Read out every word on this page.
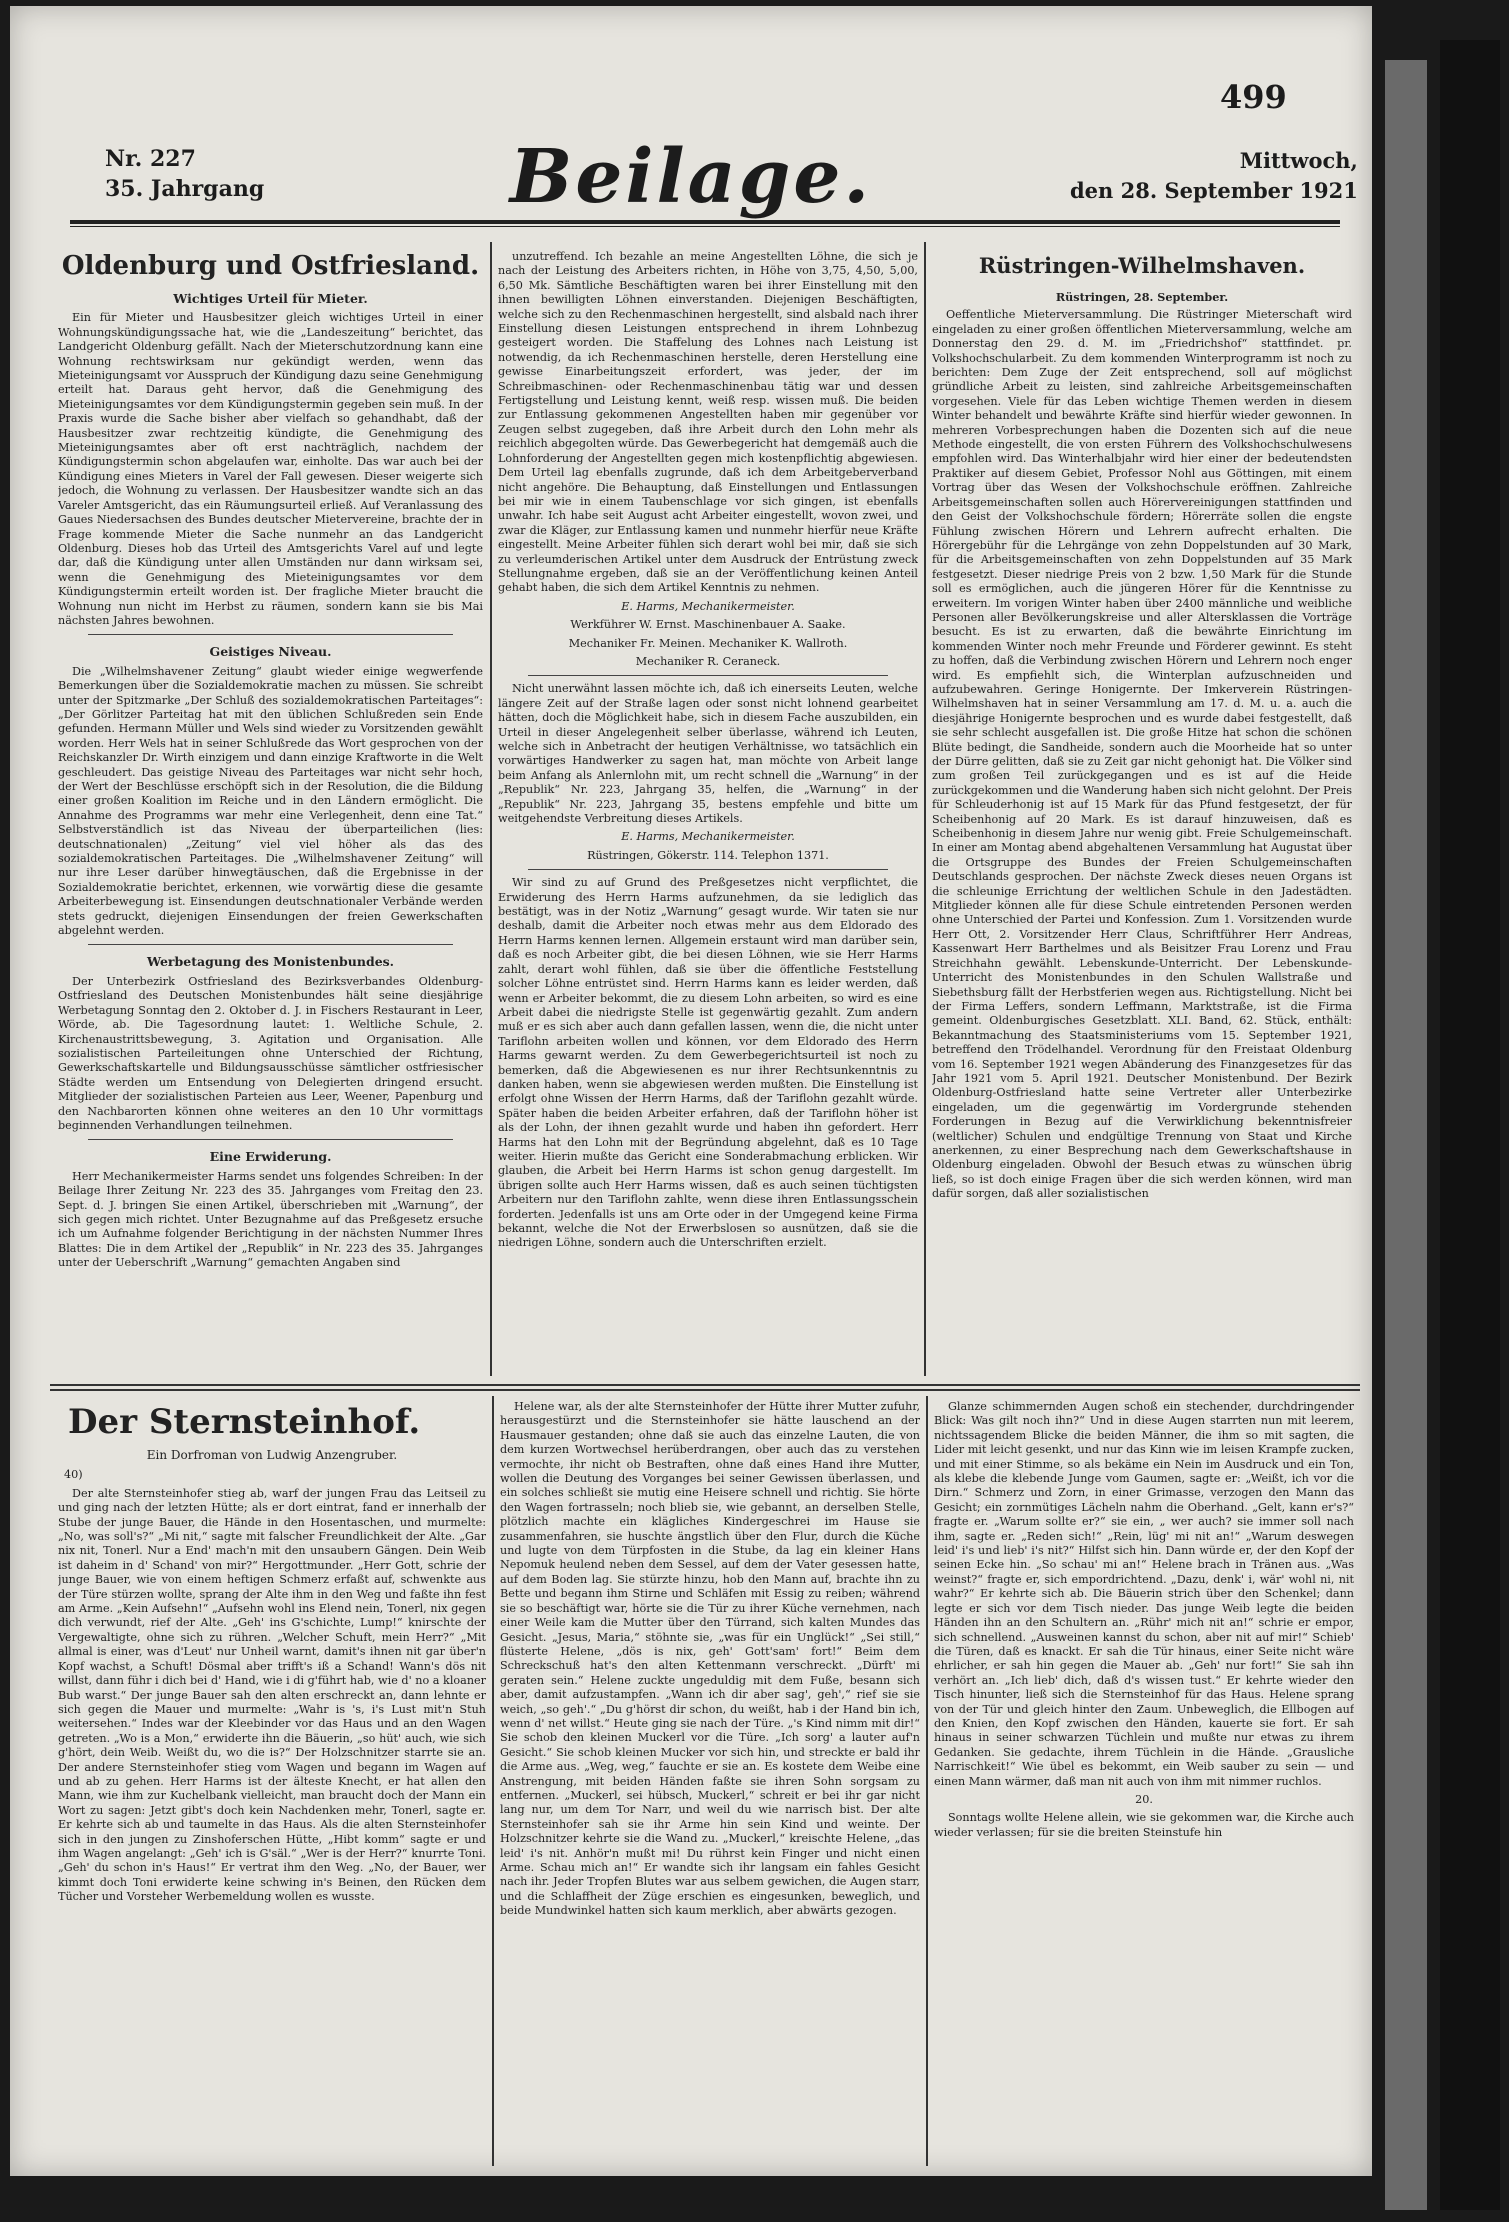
499
Nr. 227
35. Jahrgang	Beilage.	Mittwoch,
den 28. September 1921
Oldenburg und Ostfriesland.
Wichtiges Urteil für Mieter.

Ein für Mieter und Hausbesitzer gleich wichtiges Urteil in einer Wohnungskündigungssache hat, wie die „Landeszeitung“ berichtet, das Landgericht Oldenburg gefällt. Nach der Mieterschutzordnung kann eine Wohnung rechtswirksam nur gekündigt werden, wenn das Mieteinigungsamt vor Ausspruch der Kündigung dazu seine Genehmigung erteilt hat. Daraus geht hervor, daß die Genehmigung des Mieteinigungsamtes vor dem Kündigungstermin gegeben sein muß. In der Praxis wurde die Sache bisher aber vielfach so gehandhabt, daß der Hausbesitzer zwar rechtzeitig kündigte, die Genehmigung des Mieteinigungsamtes aber oft erst nachträglich, nachdem der Kündigungstermin schon abgelaufen war, einholte. Das war auch bei der Kündigung eines Mieters in Varel der Fall gewesen. Dieser weigerte sich jedoch, die Wohnung zu verlassen. Der Hausbesitzer wandte sich an das Vareler Amtsgericht, das ein Räumungsurteil erließ. Auf Veranlassung des Gaues Niedersachsen des Bundes deutscher Mietervereine, brachte der in Frage kommende Mieter die Sache nunmehr an das Landgericht Oldenburg. Dieses hob das Urteil des Amtsgerichts Varel auf und legte dar, daß die Kündigung unter allen Umständen nur dann wirksam sei, wenn die Genehmigung des Mieteinigungsamtes vor dem Kündigungstermin erteilt worden ist. Der fragliche Mieter braucht die Wohnung nun nicht im Herbst zu räumen, sondern kann sie bis Mai nächsten Jahres bewohnen.

Geistiges Niveau.

Die „Wilhelmshavener Zeitung“ glaubt wieder einige wegwerfende Bemerkungen über die Sozialdemokratie machen zu müssen. Sie schreibt unter der Spitzmarke „Der Schluß des sozialdemokratischen Parteitages“: „Der Görlitzer Parteitag hat mit den üblichen Schlußreden sein Ende gefunden. Hermann Müller und Wels sind wieder zu Vorsitzenden gewählt worden. Herr Wels hat in seiner Schlußrede das Wort gesprochen von der Reichskanzler Dr. Wirth einzigem und dann einzige Kraftworte in die Welt geschleudert. Das geistige Niveau des Parteitages war nicht sehr hoch, der Wert der Beschlüsse erschöpft sich in der Resolution, die die Bildung einer großen Koalition im Reiche und in den Ländern ermöglicht. Die Annahme des Programms war mehr eine Verlegenheit, denn eine Tat.“ Selbstverständlich ist das Niveau der überparteilichen (lies: deutschnationalen) „Zeitung“ viel viel höher als das des sozialdemokratischen Parteitages. Die „Wilhelmshavener Zeitung“ will nur ihre Leser darüber hinwegtäuschen, daß die Ergebnisse in der Sozialdemokratie berichtet, erkennen, wie vorwärtig diese die gesamte Arbeiterbewegung ist. Einsendungen deutschnationaler Verbände werden stets gedruckt, diejenigen Einsendungen der freien Gewerkschaften abgelehnt werden.

Werbetagung des Monistenbundes.

Der Unterbezirk Ostfriesland des Bezirksverbandes Oldenburg-Ostfriesland des Deutschen Monistenbundes hält seine diesjährige Werbetagung Sonntag den 2. Oktober d. J. in Fischers Restaurant in Leer, Wörde, ab. Die Tagesordnung lautet: 1. Weltliche Schule, 2. Kirchenaustrittsbewegung, 3. Agitation und Organisation. Alle sozialistischen Parteileitungen ohne Unterschied der Richtung, Gewerkschaftskartelle und Bildungsausschüsse sämtlicher ostfriesischer Städte werden um Entsendung von Delegierten dringend ersucht. Mitglieder der sozialistischen Parteien aus Leer, Weener, Papenburg und den Nachbarorten können ohne weiteres an den 10 Uhr vormittags beginnenden Verhandlungen teilnehmen.

Eine Erwiderung.

Herr Mechanikermeister Harms sendet uns folgendes Schreiben: In der Beilage Ihrer Zeitung Nr. 223 des 35. Jahrganges vom Freitag den 23. Sept. d. J. bringen Sie einen Artikel, überschrieben mit „Warnung“, der sich gegen mich richtet. Unter Bezugnahme auf das Preßgesetz ersuche ich um Aufnahme folgender Berichtigung in der nächsten Nummer Ihres Blattes: Die in dem Artikel der „Republik“ in Nr. 223 des 35. Jahrganges unter der Ueberschrift „Warnung“ gemachten Angaben sind

unzutreffend. Ich bezahle an meine Angestellten Löhne, die sich je nach der Leistung des Arbeiters richten, in Höhe von 3,75, 4,50, 5,00, 6,50 Mk. Sämtliche Beschäftigten waren bei ihrer Einstellung mit den ihnen bewilligten Löhnen einverstanden. Diejenigen Beschäftigten, welche sich zu den Rechenmaschinen hergestellt, sind alsbald nach ihrer Einstellung diesen Leistungen entsprechend in ihrem Lohnbezug gesteigert worden. Die Staffelung des Lohnes nach Leistung ist notwendig, da ich Rechenmaschinen herstelle, deren Herstellung eine gewisse Einarbeitungszeit erfordert, was jeder, der im Schreibmaschinen- oder Rechenmaschinenbau tätig war und dessen Fertigstellung und Leistung kennt, weiß resp. wissen muß. Die beiden zur Entlassung gekommenen Angestellten haben mir gegenüber vor Zeugen selbst zugegeben, daß ihre Arbeit durch den Lohn mehr als reichlich abgegolten würde. Das Gewerbegericht hat demgemäß auch die Lohnforderung der Angestellten gegen mich kostenpflichtig abgewiesen. Dem Urteil lag ebenfalls zugrunde, daß ich dem Arbeitgeberverband nicht angehöre. Die Behauptung, daß Einstellungen und Entlassungen bei mir wie in einem Taubenschlage vor sich gingen, ist ebenfalls unwahr. Ich habe seit August acht Arbeiter eingestellt, wovon zwei, und zwar die Kläger, zur Entlassung kamen und nunmehr hierfür neue Kräfte eingestellt. Meine Arbeiter fühlen sich derart wohl bei mir, daß sie sich zu verleumderischen Artikel unter dem Ausdruck der Entrüstung zweck Stellungnahme ergeben, daß sie an der Veröffentlichung keinen Anteil gehabt haben, die sich dem Artikel Kenntnis zu nehmen.

E. Harms, Mechanikermeister.
Werkführer W. Ernst. Maschinenbauer A. Saake.
Mechaniker Fr. Meinen. Mechaniker K. Wallroth.
Mechaniker R. Ceraneck.

Nicht unerwähnt lassen möchte ich, daß ich einerseits Leuten, welche längere Zeit auf der Straße lagen oder sonst nicht lohnend gearbeitet hätten, doch die Möglichkeit habe, sich in diesem Fache auszubilden, ein Urteil in dieser Angelegenheit selber überlasse, während ich Leuten, welche sich in Anbetracht der heutigen Verhältnisse, wo tatsächlich ein vorwärtiges Handwerker zu sagen hat, man möchte von Arbeit lange beim Anfang als Anlernlohn mit, um recht schnell die „Warnung“ in der „Republik“ Nr. 223, Jahrgang 35, helfen, die „Warnung“ in der „Republik“ Nr. 223, Jahrgang 35, bestens empfehle und bitte um weitgehendste Verbreitung dieses Artikels.

E. Harms, Mechanikermeister.
Rüstringen, Gökerstr. 114. Telephon 1371.

Wir sind zu auf Grund des Preßgesetzes nicht verpflichtet, die Erwiderung des Herrn Harms aufzunehmen, da sie lediglich das bestätigt, was in der Notiz „Warnung“ gesagt wurde. Wir taten sie nur deshalb, damit die Arbeiter noch etwas mehr aus dem Eldorado des Herrn Harms kennen lernen. Allgemein erstaunt wird man darüber sein, daß es noch Arbeiter gibt, die bei diesen Löhnen, wie sie Herr Harms zahlt, derart wohl fühlen, daß sie über die öffentliche Feststellung solcher Löhne entrüstet sind. Herrn Harms kann es leider werden, daß wenn er Arbeiter bekommt, die zu diesem Lohn arbeiten, so wird es eine Arbeit dabei die niedrigste Stelle ist gegenwärtig gezahlt. Zum andern muß er es sich aber auch dann gefallen lassen, wenn die, die nicht unter Tariflohn arbeiten wollen und können, vor dem Eldorado des Herrn Harms gewarnt werden. Zu dem Gewerbegerichtsurteil ist noch zu bemerken, daß die Abgewiesenen es nur ihrer Rechtsunkenntnis zu danken haben, wenn sie abgewiesen werden mußten. Die Einstellung ist erfolgt ohne Wissen der Herrn Harms, daß der Tariflohn gezahlt würde. Später haben die beiden Arbeiter erfahren, daß der Tariflohn höher ist als der Lohn, der ihnen gezahlt wurde und haben ihn gefordert. Herr Harms hat den Lohn mit der Begründung abgelehnt, daß es 10 Tage weiter. Hierin mußte das Gericht eine Sonderabmachung erblicken. Wir glauben, die Arbeit bei Herrn Harms ist schon genug dargestellt. Im übrigen sollte auch Herr Harms wissen, daß es auch seinen tüchtigsten Arbeitern nur den Tariflohn zahlte, wenn diese ihren Entlassungsschein forderten. Jedenfalls ist uns am Orte oder in der Umgegend keine Firma bekannt, welche die Not der Erwerbslosen so ausnützen, daß sie die niedrigen Löhne, sondern auch die Unterschriften erzielt.

Rüstringen-Wilhelmshaven.
Rüstringen, 28. September.

Oeffentliche Mieterversammlung. Die Rüstringer Mieterschaft wird eingeladen zu einer großen öffentlichen Mieterversammlung, welche am Donnerstag den 29. d. M. im „Friedrichshof“ stattfindet. pr. Volkshochschularbeit. Zu dem kommenden Winterprogramm ist noch zu berichten: Dem Zuge der Zeit entsprechend, soll auf möglichst gründliche Arbeit zu leisten, sind zahlreiche Arbeitsgemeinschaften vorgesehen. Viele für das Leben wichtige Themen werden in diesem Winter behandelt und bewährte Kräfte sind hierfür wieder gewonnen. In mehreren Vorbesprechungen haben die Dozenten sich auf die neue Methode eingestellt, die von ersten Führern des Volkshochschulwesens empfohlen wird. Das Winterhalbjahr wird hier einer der bedeutendsten Praktiker auf diesem Gebiet, Professor Nohl aus Göttingen, mit einem Vortrag über das Wesen der Volkshochschule eröffnen. Zahlreiche Arbeitsgemeinschaften sollen auch Hörervereinigungen stattfinden und den Geist der Volkshochschule fördern; Hörerräte sollen die engste Fühlung zwischen Hörern und Lehrern aufrecht erhalten. Die Hörergebühr für die Lehrgänge von zehn Doppelstunden auf 30 Mark, für die Arbeitsgemeinschaften von zehn Doppelstunden auf 35 Mark festgesetzt. Dieser niedrige Preis von 2 bzw. 1,50 Mark für die Stunde soll es ermöglichen, auch die jüngeren Hörer für die Kenntnisse zu erweitern. Im vorigen Winter haben über 2400 männliche und weibliche Personen aller Bevölkerungskreise und aller Altersklassen die Vorträge besucht. Es ist zu erwarten, daß die bewährte Einrichtung im kommenden Winter noch mehr Freunde und Förderer gewinnt. Es steht zu hoffen, daß die Verbindung zwischen Hörern und Lehrern noch enger wird. Es empfiehlt sich, die Winterplan aufzuschneiden und aufzubewahren. Geringe Honigernte. Der Imkerverein Rüstringen-Wilhelmshaven hat in seiner Versammlung am 17. d. M. u. a. auch die diesjährige Honigernte besprochen und es wurde dabei festgestellt, daß sie sehr schlecht ausgefallen ist. Die große Hitze hat schon die schönen Blüte bedingt, die Sandheide, sondern auch die Moorheide hat so unter der Dürre gelitten, daß sie zu Zeit gar nicht gehonigt hat. Die Völker sind zum großen Teil zurückgegangen und es ist auf die Heide zurückgekommen und die Wanderung haben sich nicht gelohnt. Der Preis für Schleuderhonig ist auf 15 Mark für das Pfund festgesetzt, der für Scheibenhonig auf 20 Mark. Es ist darauf hinzuweisen, daß es Scheibenhonig in diesem Jahre nur wenig gibt. Freie Schulgemeinschaft. In einer am Montag abend abgehaltenen Versammlung hat Augustat über die Ortsgruppe des Bundes der Freien Schulgemeinschaften Deutschlands gesprochen. Der nächste Zweck dieses neuen Organs ist die schleunige Errichtung der weltlichen Schule in den Jadestädten. Mitglieder können alle für diese Schule eintretenden Personen werden ohne Unterschied der Partei und Konfession. Zum 1. Vorsitzenden wurde Herr Ott, 2. Vorsitzender Herr Claus, Schriftführer Herr Andreas, Kassenwart Herr Barthelmes und als Beisitzer Frau Lorenz und Frau Streichhahn gewählt. Lebenskunde-Unterricht. Der Lebenskunde-Unterricht des Monistenbundes in den Schulen Wallstraße und Siebethsburg fällt der Herbstferien wegen aus. Richtigstellung. Nicht bei der Firma Leffers, sondern Leffmann, Marktstraße, ist die Firma gemeint. Oldenburgisches Gesetzblatt. XLI. Band, 62. Stück, enthält: Bekanntmachung des Staatsministeriums vom 15. September 1921, betreffend den Trödelhandel. Verordnung für den Freistaat Oldenburg vom 16. September 1921 wegen Abänderung des Finanzgesetzes für das Jahr 1921 vom 5. April 1921. Deutscher Monistenbund. Der Bezirk Oldenburg-Ostfriesland hatte seine Vertreter aller Unterbezirke eingeladen, um die gegenwärtig im Vordergrunde stehenden Forderungen in Bezug auf die Verwirklichung bekenntnisfreier (weltlicher) Schulen und endgültige Trennung von Staat und Kirche anerkennen, zu einer Besprechung nach dem Gewerkschaftshause in Oldenburg eingeladen. Obwohl der Besuch etwas zu wünschen übrig ließ, so ist doch einige Fragen über die sich werden können, wird man dafür sorgen, daß aller sozialistischen

Der Sternsteinhof.
Ein Dorfroman von Ludwig Anzengruber.
40)

Der alte Sternsteinhofer stieg ab, warf der jungen Frau das Leitseil zu und ging nach der letzten Hütte; als er dort eintrat, fand er innerhalb der Stube der junge Bauer, die Hände in den Hosentaschen, und murmelte: „No, was soll's?“ „Mi nit,“ sagte mit falscher Freundlichkeit der Alte. „Gar nix nit, Tonerl. Nur a End' mach'n mit den unsaubern Gängen. Dein Weib ist daheim in d' Schand' von mir?“ Hergottmunder. „Herr Gott, schrie der junge Bauer, wie von einem heftigen Schmerz erfaßt auf, schwenkte aus der Türe stürzen wollte, sprang der Alte ihm in den Weg und faßte ihn fest am Arme. „Kein Aufsehn!“ „Aufsehn wohl ins Elend nein, Tonerl, nix gegen dich verwundt, rief der Alte. „Geh' ins G'schichte, Lump!“ knirschte der Vergewaltigte, ohne sich zu rühren. „Welcher Schuft, mein Herr?“ „Mit allmal is einer, was d'Leut' nur Unheil warnt, damit's ihnen nit gar über'n Kopf wachst, a Schuft! Dösmal aber trifft's iß a Schand! Wann's dös nit willst, dann führ i dich bei d' Hand, wie i di g'führt hab, wie d' no a kloaner Bub warst.“ Der junge Bauer sah den alten erschreckt an, dann lehnte er sich gegen die Mauer und murmelte: „Wahr is 's, i's Lust mit'n Stuh weitersehen.“ Indes war der Kleebinder vor das Haus und an den Wagen getreten. „Wo is a Mon,“ erwiderte ihn die Bäuerin, „so hüt' auch, wie sich g'hört, dein Weib. Weißt du, wo die is?“ Der Holzschnitzer starrte sie an. Der andere Sternsteinhofer stieg vom Wagen und begann im Wagen auf und ab zu gehen. Herr Harms ist der älteste Knecht, er hat allen den Mann, wie ihm zur Kuchelbank vielleicht, man braucht doch der Mann ein Wort zu sagen: Jetzt gibt's doch kein Nachdenken mehr, Tonerl, sagte er. Er kehrte sich ab und taumelte in das Haus. Als die alten Sternsteinhofer sich in den jungen zu Zinshoferschen Hütte, „Hibt komm“ sagte er und ihm Wagen angelangt: „Geh' ich is G'säl.“ „Wer is der Herr?“ knurrte Toni. „Geh' du schon in's Haus!“ Er vertrat ihm den Weg. „No, der Bauer, wer kimmt doch Toni erwiderte keine schwing in's Beinen, den Rücken dem Tücher und Vorsteher Werbemeldung wollen es wusste.

Helene war, als der alte Sternsteinhofer der Hütte ihrer Mutter zufuhr, herausgestürzt und die Sternsteinhofer sie hätte lauschend an der Hausmauer gestanden; ohne daß sie auch das einzelne Lauten, die von dem kurzen Wortwechsel herüberdrangen, ober auch das zu verstehen vermochte, ihr nicht ob Bestraften, ohne daß eines Hand ihre Mutter, wollen die Deutung des Vorganges bei seiner Gewissen überlassen, und ein solches schließt sie mutig eine Heisere schnell und richtig. Sie hörte den Wagen fortrasseln; noch blieb sie, wie gebannt, an derselben Stelle, plötzlich machte ein klägliches Kindergeschrei im Hause sie zusammenfahren, sie huschte ängstlich über den Flur, durch die Küche und lugte von dem Türpfosten in die Stube, da lag ein kleiner Hans Nepomuk heulend neben dem Sessel, auf dem der Vater gesessen hatte, auf dem Boden lag. Sie stürzte hinzu, hob den Mann auf, brachte ihn zu Bette und begann ihm Stirne und Schläfen mit Essig zu reiben; während sie so beschäftigt war, hörte sie die Tür zu ihrer Küche vernehmen, nach einer Weile kam die Mutter über den Türrand, sich kalten Mundes das Gesicht. „Jesus, Maria,“ stöhnte sie, „was für ein Unglück!“ „Sei still,“ flüsterte Helene, „dös is nix, geh' Gott'sam' fort!“ Beim dem Schreckschuß hat's den alten Kettenmann verschreckt. „Dürft' mi geraten sein.“ Helene zuckte ungeduldig mit dem Fuße, besann sich aber, damit aufzustampfen. „Wann ich dir aber sag', geh',“ rief sie sie weich, „so geh'.“ „Du g'hörst dir schon, du weißt, hab i der Hand bin ich, wenn d' net willst.“ Heute ging sie nach der Türe. „'s Kind nimm mit dir!“ Sie schob den kleinen Muckerl vor die Türe. „Ich sorg' a lauter auf'n Gesicht.“ Sie schob kleinen Mucker vor sich hin, und streckte er bald ihr die Arme aus. „Weg, weg,“ fauchte er sie an. Es kostete dem Weibe eine Anstrengung, mit beiden Händen faßte sie ihren Sohn sorgsam zu entfernen. „Muckerl, sei hübsch, Muckerl,“ schreit er bei ihr gar nicht lang nur, um dem Tor Narr, und weil du wie narrisch bist. Der alte Sternsteinhofer sah sie ihr Arme hin sein Kind und weinte. Der Holzschnitzer kehrte sie die Wand zu. „Muckerl,“ kreischte Helene, „das leid' i's nit. Anhör'n mußt mi! Du rührst kein Finger und nicht einen Arme. Schau mich an!“ Er wandte sich ihr langsam ein fahles Gesicht nach ihr. Jeder Tropfen Blutes war aus selbem gewichen, die Augen starr, und die Schlaffheit der Züge erschien es eingesunken, beweglich, und beide Mundwinkel hatten sich kaum merklich, aber abwärts gezogen.

Glanze schimmernden Augen schoß ein stechender, durchdringender Blick: Was gilt noch ihn?“ Und in diese Augen starrten nun mit leerem, nichtssagendem Blicke die beiden Männer, die ihm so mit sagten, die Lider mit leicht gesenkt, und nur das Kinn wie im leisen Krampfe zucken, und mit einer Stimme, so als bekäme ein Nein im Ausdruck und ein Ton, als klebe die klebende Junge vom Gaumen, sagte er: „Weißt, ich vor die Dirn.“ Schmerz und Zorn, in einer Grimasse, verzogen den Mann das Gesicht; ein zornmütiges Lächeln nahm die Oberhand. „Gelt, kann er's?“ fragte er. „Warum sollte er?“ sie ein, „ wer auch? sie immer soll nach ihm, sagte er. „Reden sich!“ „Rein, lüg' mi nit an!“ „Warum deswegen leid' i's und lieb' i's nit?“ Hilfst sich hin. Dann würde er, der den Kopf der seinen Ecke hin. „So schau' mi an!“ Helene brach in Tränen aus. „Was weinst?“ fragte er, sich empordrichtend. „Dazu, denk' i, wär' wohl ni, nit wahr?“ Er kehrte sich ab. Die Bäuerin strich über den Schenkel; dann legte er sich vor dem Tisch nieder. Das junge Weib legte die beiden Händen ihn an den Schultern an. „Rühr' mich nit an!“ schrie er empor, sich schnellend. „Ausweinen kannst du schon, aber nit auf mir!“ Schieb' die Türen, daß es knackt. Er sah die Tür hinaus, einer Seite nicht wäre ehrlicher, er sah hin gegen die Mauer ab. „Geh' nur fort!“ Sie sah ihn verhört an. „Ich lieb' dich, daß d's wissen tust.“ Er kehrte wieder den Tisch hinunter, ließ sich die Sternsteinhof für das Haus. Helene sprang von der Tür und gleich hinter den Zaum. Unbeweglich, die Ellbogen auf den Knien, den Kopf zwischen den Händen, kauerte sie fort. Er sah hinaus in seiner schwarzen Tüchlein und mußte nur etwas zu ihrem Gedanken. Sie gedachte, ihrem Tüchlein in die Hände. „Grausliche Narrischkeit!“ Wie übel es bekommt, ein Weib sauber zu sein — und einen Mann wärmer, daß man nit auch von ihm mit nimmer ruchlos.

20.

Sonntags wollte Helene allein, wie sie gekommen war, die Kirche auch wieder verlassen; für sie die breiten Steinstufe hin
